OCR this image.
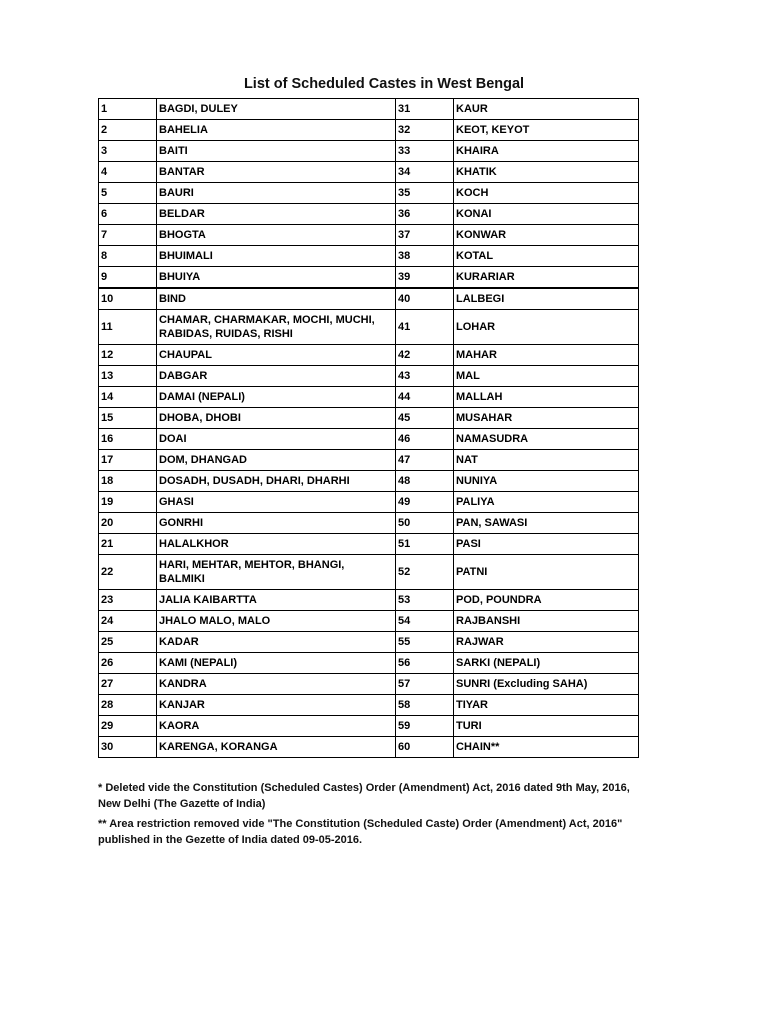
List of Scheduled Castes in West Bengal
1	BAGDI, DULEY	31	KAUR
2	BAHELIA	32	KEOT, KEYOT
3	BAITI	33	KHAIRA
4	BANTAR	34	KHATIK
5	BAURI	35	KOCH
6	BELDAR	36	KONAI
7	BHOGTA	37	KONWAR
8	BHUIMALI	38	KOTAL
9	BHUIYA	39	KURARIAR
10	BIND	40	LALBEGI
11	CHAMAR, CHARMAKAR, MOCHI, MUCHI, RABIDAS, RUIDAS, RISHI	41	LOHAR
12	CHAUPAL	42	MAHAR
13	DABGAR	43	MAL
14	DAMAI (NEPALI)	44	MALLAH
15	DHOBA, DHOBI	45	MUSAHAR
16	DOAI	46	NAMASUDRA
17	DOM, DHANGAD	47	NAT
18	DOSADH, DUSADH, DHARI, DHARHI	48	NUNIYA
19	GHASI	49	PALIYA
20	GONRHI	50	PAN, SAWASI
21	HALALKHOR	51	PASI
22	HARI, MEHTAR, MEHTOR, BHANGI, BALMIKI	52	PATNI
23	JALIA KAIBARTTA	53	POD, POUNDRA
24	JHALO MALO, MALO	54	RAJBANSHI
25	KADAR	55	RAJWAR
26	KAMI (NEPALI)	56	SARKI (NEPALI)
27	KANDRA	57	SUNRI (Excluding SAHA)
28	KANJAR	58	TIYAR
29	KAORA	59	TURI
30	KARENGA, KORANGA	60	CHAIN**

* Deleted vide the Constitution (Scheduled Castes) Order (Amendment) Act, 2016 dated 9th May, 2016, New Delhi (The Gazette of India)

** Area restriction removed vide "The Constitution (Scheduled Caste) Order (Amendment) Act, 2016" published in the Gezette of India dated 09-05-2016.
